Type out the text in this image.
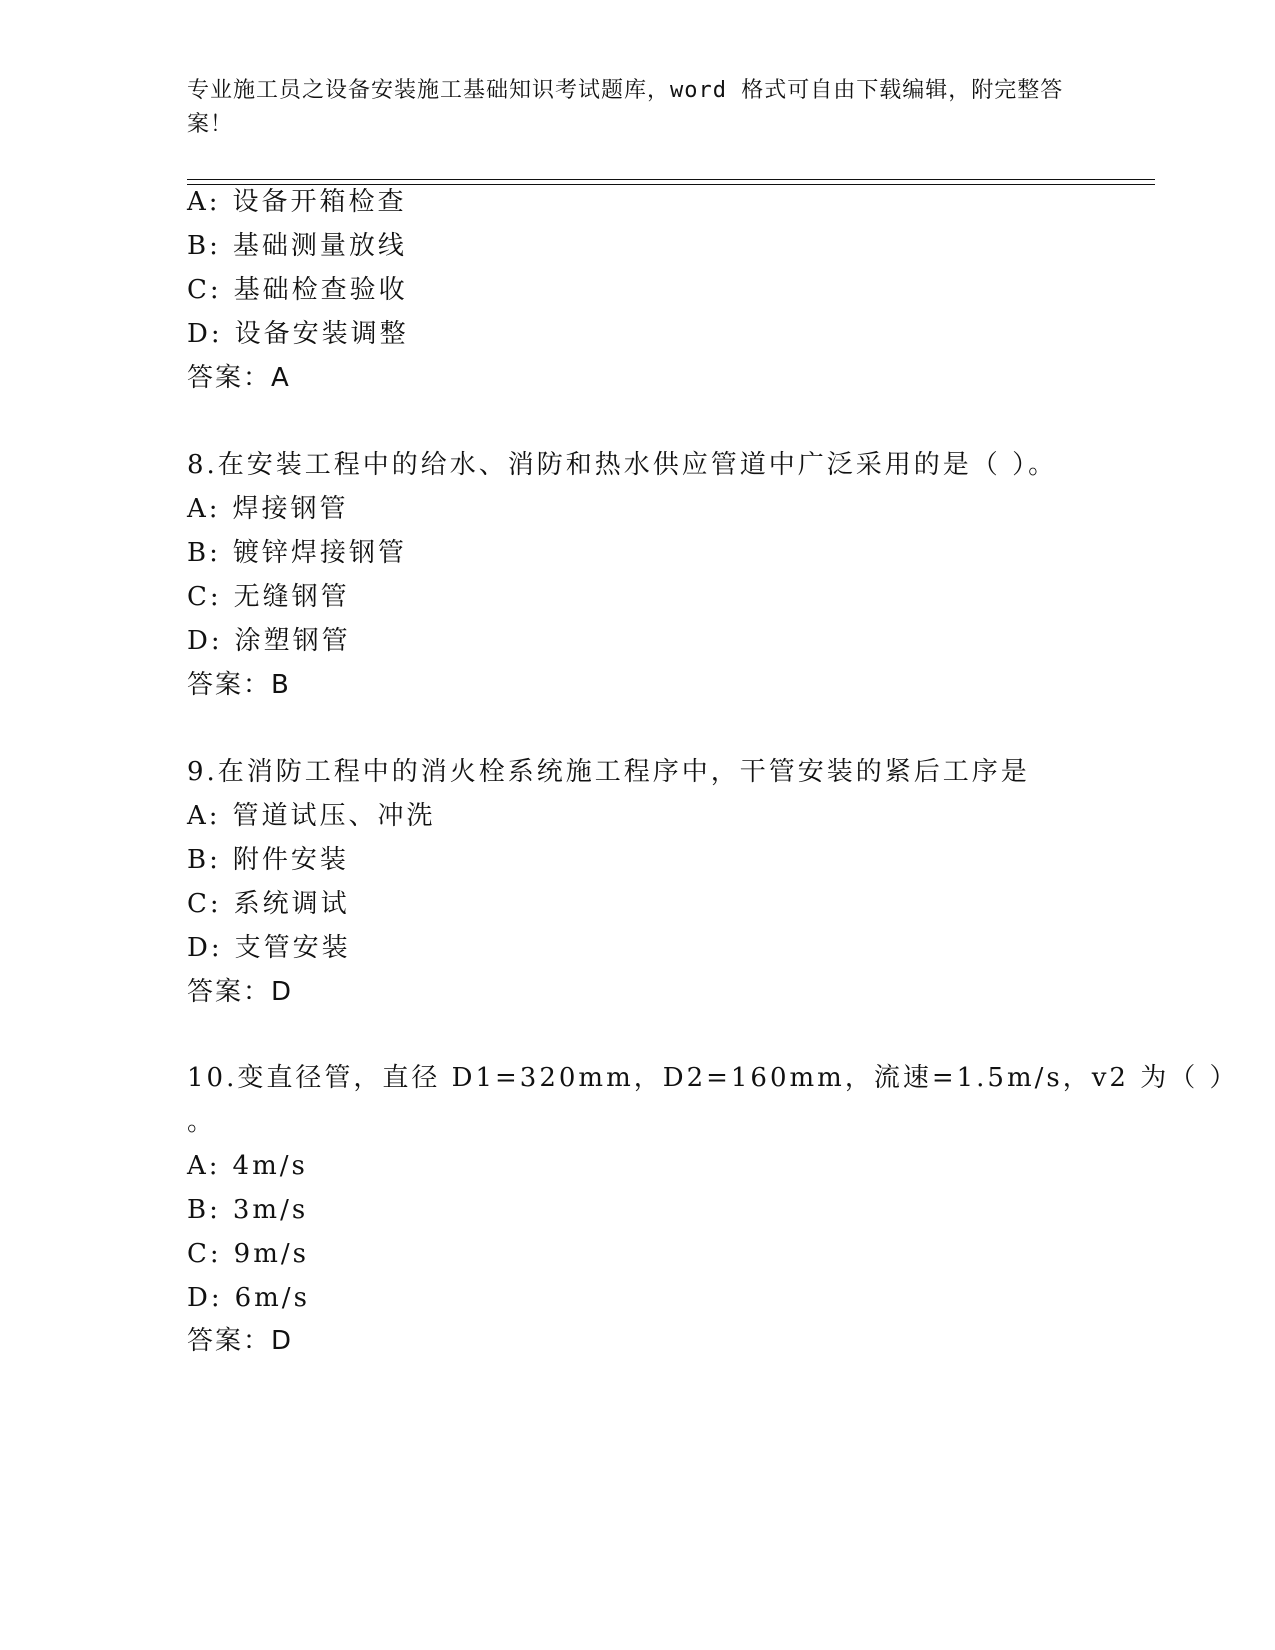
专业施工员之设备安装施工基础知识考试题库，word 格式可自由下载编辑，附完整答案！
A: 设备开箱检查
B: 基础测量放线
C: 基础检查验收
D: 设备安装调整
答案：A
8.在安装工程中的给水、消防和热水供应管道中广泛采用的是（ ）。
A: 焊接钢管
B: 镀锌焊接钢管
C: 无缝钢管
D: 涂塑钢管
答案：B
9.在消防工程中的消火栓系统施工程序中，干管安装的紧后工序是
A: 管道试压、冲洗
B: 附件安装
C: 系统调试
D: 支管安装
答案：D
10.变直径管，直径 D1=320mm，D2=160mm，流速=1.5m/s，v2 为（ ）
。
A: 4m/s
B: 3m/s
C: 9m/s
D: 6m/s
答案：D
